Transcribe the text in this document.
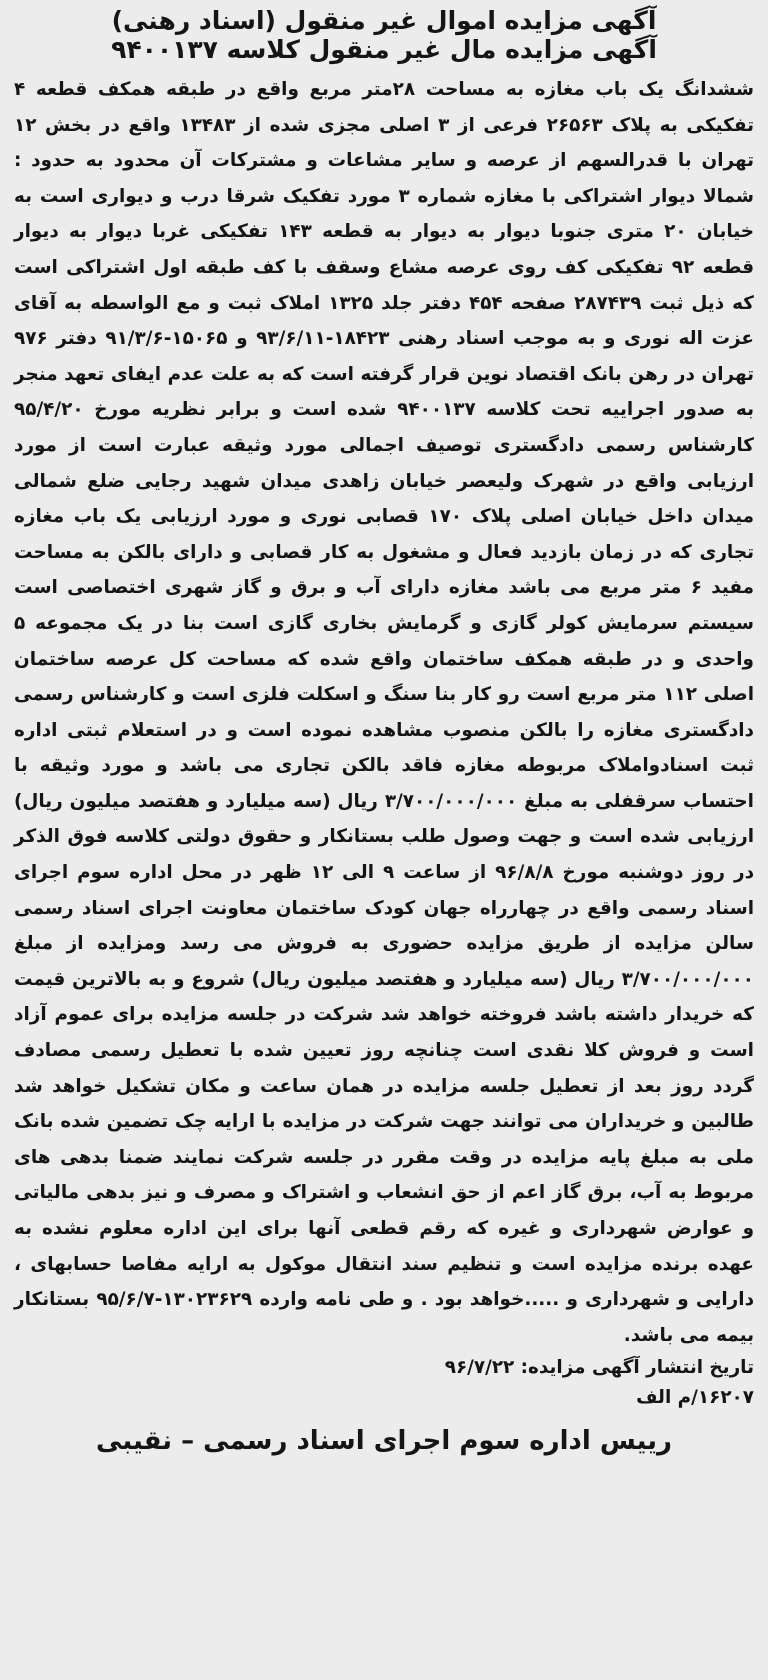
آگهی مزایده اموال غیر منقول (اسناد رهنی)
آگهی مزایده مال غیر منقول کلاسه ۹۴۰۰۱۳۷
ششدانگ یک باب مغازه به مساحت ۲۸متر مربع واقع در طبقه همکف قطعه ۴ تفکیکی به پلاک ۲۶۵۶۳ فرعی از ۳ اصلی مجزی شده از ۱۳۴۸۳ واقع در بخش ۱۲ تهران با قدرالسهم از عرصه و سایر مشاعات و مشترکات آن محدود به حدود : شمالا دیوار اشتراکی با مغازه شماره ۳ مورد تفکیک شرقا درب و دیواری است به خیابان ۲۰ متری جنوبا دیوار به دیوار به قطعه ۱۴۳ تفکیکی غربا دیوار به دیوار قطعه ۹۲ تفکیکی کف روی عرصه مشاع وسقف با کف طبقه اول اشتراکی است که ذیل ثبت ۲۸۷۴۳۹ صفحه ۴۵۴ دفتر جلد ۱۳۲۵ املاک ثبت و مع الواسطه به آقای عزت اله نوری و به موجب اسناد رهنی ۱۸۴۲۳-۹۳/۶/۱۱ و ۱۵۰۶۵-۹۱/۳/۶ دفتر ۹۷۶ تهران در رهن بانک اقتصاد نوین قرار گرفته است که به علت عدم ایفای تعهد منجر به صدور اجراییه تحت کلاسه ۹۴۰۰۱۳۷ شده است و برابر نظریه مورخ ۹۵/۴/۲۰ کارشناس رسمی دادگستری توصیف اجمالی مورد وثیقه عبارت است از مورد ارزیابی واقع در شهرک ولیعصر خیابان زاهدی میدان شهید رجایی ضلع شمالی میدان داخل خیابان اصلی پلاک ۱۷۰ قصابی نوری و مورد ارزیابی یک باب مغازه تجاری که در زمان بازدید فعال و مشغول به کار قصابی و دارای بالکن به مساحت مفید ۶ متر مربع می باشد مغازه دارای آب و برق و گاز شهری اختصاصی است سیستم سرمایش کولر گازی و گرمایش بخاری گازی است بنا در یک مجموعه ۵ واحدی و در طبقه همکف ساختمان واقع شده که مساحت کل عرصه ساختمان اصلی ۱۱۲ متر مربع است رو کار بنا سنگ و اسکلت فلزی است و کارشناس رسمی دادگستری مغازه را بالکن منصوب مشاهده نموده است و در استعلام ثبتی اداره ثبت اسنادواملاک مربوطه مغازه فاقد بالکن تجاری می باشد و مورد وثیقه با احتساب سرقفلی به مبلغ ۳/۷۰۰/۰۰۰/۰۰۰ ریال (سه میلیارد و هفتصد میلیون ریال) ارزیابی شده است و جهت وصول طلب بستانکار و حقوق دولتی کلاسه فوق الذکر در روز دوشنبه مورخ ۹۶/۸/۸ از ساعت ۹ الی ۱۲ ظهر در محل اداره سوم اجرای اسناد رسمی واقع در چهارراه جهان کودک ساختمان معاونت اجرای اسناد رسمی سالن مزایده از طریق مزایده حضوری به فروش می رسد ومزایده از مبلغ ۳/۷۰۰/۰۰۰/۰۰۰ ریال (سه میلیارد و هفتصد میلیون ریال) شروع و به بالاترین قیمت که خریدار داشته باشد فروخته خواهد شد شرکت در جلسه مزایده برای عموم آزاد است و فروش کلا نقدی است چنانچه روز تعیین شده با تعطیل رسمی مصادف گردد روز بعد از تعطیل جلسه مزایده در همان ساعت و مکان تشکیل خواهد شد طالبین و خریداران می توانند جهت شرکت در مزایده با ارایه چک تضمین شده بانک ملی به مبلغ پایه مزایده در وقت مقرر در جلسه شرکت نمایند ضمنا بدهی های مربوط به آب، برق گاز اعم از حق انشعاب و اشتراک و مصرف و نیز بدهی مالیاتی و عوارض شهرداری و غیره که رقم قطعی آنها برای این اداره معلوم نشده به عهده برنده مزایده است و تنظیم سند انتقال موکول به ارایه مفاصا حسابهای ، دارایی و شهرداری و .....خواهد بود . و طی نامه وارده ۱۳۰۲۳۶۲۹-۹۵/۶/۷ بستانکار بیمه می باشد.

تاریخ انتشار آگهی مزایده: ۹۶/۷/۲۲

۱۶۲۰۷/م الف

رییس اداره سوم اجرای اسناد رسمی – نقیبی
